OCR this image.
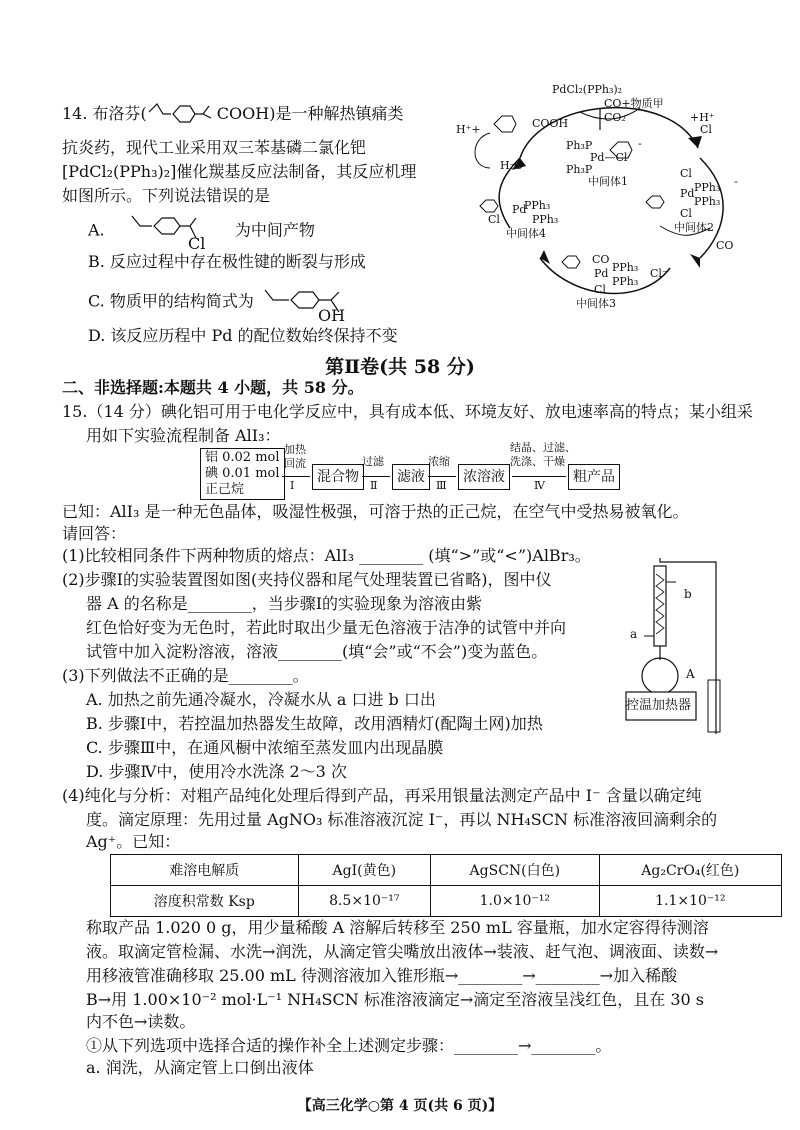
14. 布洛芬(	COOH)是一种解热镇痛类
抗炎药，现代工业采用双三苯基磷二氯化钯
[PdCl₂(PPh₃)₂]催化羰基反应法制备，其反应机理
如图所示。下列说法错误的是
A.	为中间产物
Cl
B. 反应过程中存在极性键的断裂与形成
C. 物质甲的结构简式为
OH
D. 该反应历程中 Pd 的配位数始终保持不变
PdCl₂(PPh₃)₂
CO+物质甲
CO₂	+H⁺
Cl
H⁺+	COOH
H₂O
Ph₃P
Pd—Cl
Ph₃P
-
中间体1
Cl
PPh₃
Pd
PPh₃
Cl
-
中间体2
PPh₃
Pd
PPh₃
Cl
中间体4
CO
Cl⁻
CO
PPh₃
Pd
PPh₃
Cl
中间体3
第Ⅱ卷(共 58 分)
二、非选择题:本题共 4 小题，共 58 分。
15.（14 分）碘化铝可用于电化学反应中，具有成本低、环境友好、放电速率高的特点；某小组采
用如下实验流程制备 AlI₃：
铝 0.02 mol
碘 0.01 mol
正己烷
加热
回流
Ⅰ
混合物
过滤
Ⅱ
滤液
浓缩
Ⅲ
浓溶液
结晶、过滤、
洗涤、干燥
Ⅳ
粗产品
已知：AlI₃ 是一种无色晶体，吸湿性极强，可溶于热的正己烷，在空气中受热易被氧化。
请回答：
(1)比较相同条件下两种物质的熔点：AlI₃ ________ (填“>”或“<”)AlBr₃。
(2)步骤Ⅰ的实验装置图如图(夹持仪器和尾气处理装置已省略)，图中仪
器 A 的名称是________，当步骤Ⅰ的实验现象为溶液由紫
红色恰好变为无色时，若此时取出少量无色溶液于洁净的试管中并向
试管中加入淀粉溶液，溶液________(填“会”或“不会”)变为蓝色。
(3)下列做法不正确的是________。
A. 加热之前先通冷凝水，冷凝水从 a 口进 b 口出
B. 步骤Ⅰ中，若控温加热器发生故障，改用酒精灯(配陶土网)加热
C. 步骤Ⅲ中，在通风橱中浓缩至蒸发皿内出现晶膜
D. 步骤Ⅳ中，使用冷水洗涤 2～3 次
b
a
A
控温加热器
(4)纯化与分析：对粗产品纯化处理后得到产品，再采用银量法测定产品中 I⁻ 含量以确定纯
度。滴定原理：先用过量 AgNO₃ 标准溶液沉淀 I⁻，再以 NH₄SCN 标准溶液回滴剩余的
Ag⁺。已知：
难溶电解质	AgI(黄色)	AgSCN(白色)	Ag₂CrO₄(红色)
溶度积常数 Ksp	8.5×10⁻¹⁷	1.0×10⁻¹²	1.1×10⁻¹²
称取产品 1.020 0 g，用少量稀酸 A 溶解后转移至 250 mL 容量瓶，加水定容得待测溶
液。取滴定管检漏、水洗→润洗，从滴定管尖嘴放出液体→装液、赶气泡、调液面、读数→
用移液管准确移取 25.00 mL 待测溶液加入锥形瓶→________→________→加入稀酸
B→用 1.00×10⁻² mol·L⁻¹ NH₄SCN 标准溶液滴定→滴定至溶液呈浅红色，且在 30 s
内不色→读数。
①从下列选项中选择合适的操作补全上述测定步骤：________→________。
a. 润洗，从滴定管上口倒出液体
【高三化学○第 4 页(共 6 页)】
